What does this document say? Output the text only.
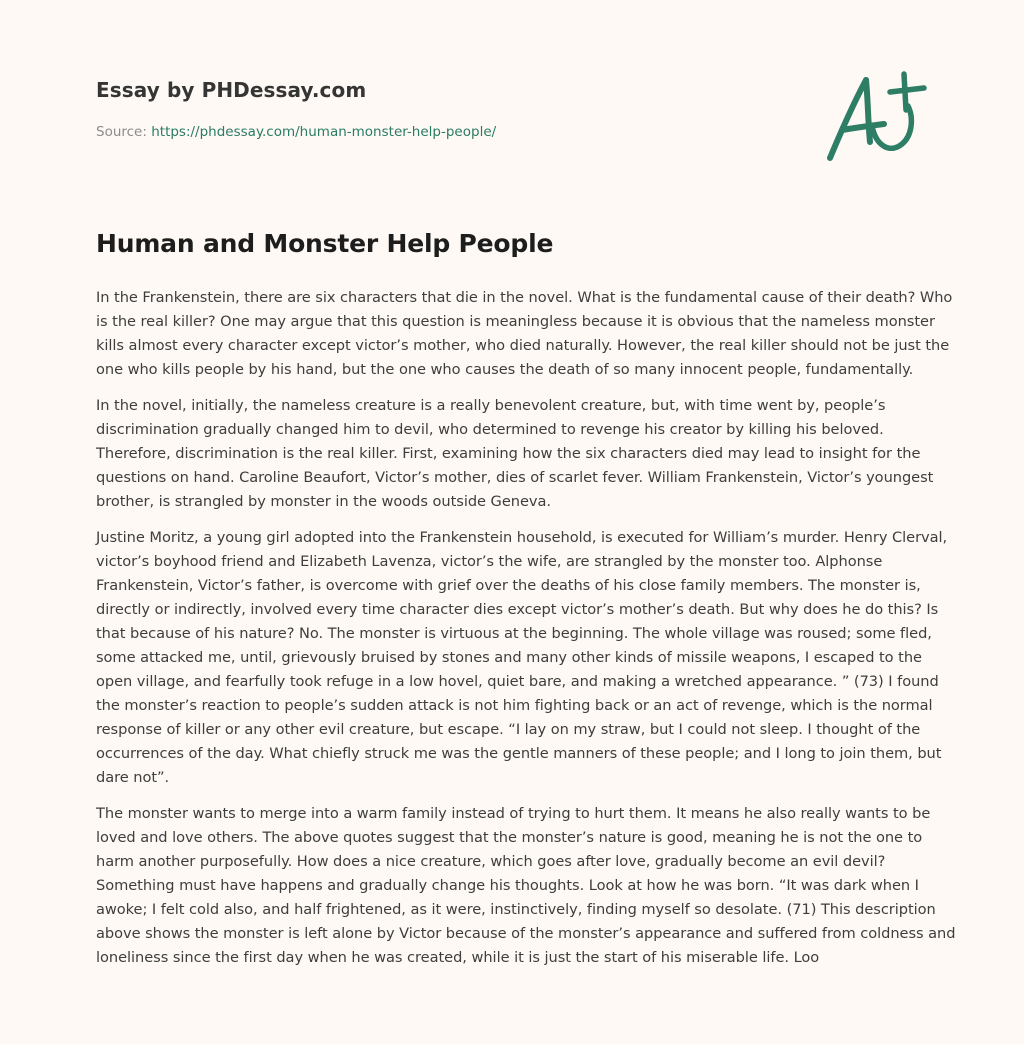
Essay by PHDessay.com
Source: https://phdessay.com/human-monster-help-people/
Human and Monster Help People

In the Frankenstein, there are six characters that die in the novel. What is the fundamental cause of their death? Who is the real killer? One may argue that this question is meaningless because it is obvious that the nameless monster kills almost every character except victor’s mother, who died naturally. However, the real killer should not be just the one who kills people by his hand, but the one who causes the death of so many innocent people, fundamentally.

In the novel, initially, the nameless creature is a really benevolent creature, but, with time went by, people’s discrimination gradually changed him to devil, who determined to revenge his creator by killing his beloved. Therefore, discrimination is the real killer. First, examining how the six characters died may lead to insight for the questions on hand. Caroline Beaufort, Victor’s mother, dies of scarlet fever. William Frankenstein, Victor’s youngest brother, is strangled by monster in the woods outside Geneva.

Justine Moritz, a young girl adopted into the Frankenstein household, is executed for William’s murder. Henry Clerval, victor’s boyhood friend and Elizabeth Lavenza, victor’s the wife, are strangled by the monster too. Alphonse Frankenstein, Victor’s father, is overcome with grief over the deaths of his close family members. The monster is, directly or indirectly, involved every time character dies except victor’s mother’s death. But why does he do this? Is that because of his nature? No. The monster is virtuous at the beginning. The whole village was roused; some fled, some attacked me, until, grievously bruised by stones and many other kinds of missile weapons, I escaped to the open village, and fearfully took refuge in a low hovel, quiet bare, and making a wretched appearance. ” (73) I found the monster’s reaction to people’s sudden attack is not him fighting back or an act of revenge, which is the normal response of killer or any other evil creature, but escape. “I lay on my straw, but I could not sleep. I thought of the occurrences of the day. What chiefly struck me was the gentle manners of these people; and I long to join them, but dare not”.

The monster wants to merge into a warm family instead of trying to hurt them. It means he also really wants to be loved and love others. The above quotes suggest that the monster’s nature is good, meaning he is not the one to harm another purposefully. How does a nice creature, which goes after love, gradually become an evil devil? Something must have happens and gradually change his thoughts. Look at how he was born. “It was dark when I awoke; I felt cold also, and half frightened, as it were, instinctively, finding myself so desolate. (71) This description above shows the monster is left alone by Victor because of the monster’s appearance and suffered from coldness and loneliness since the first day when he was created, while it is just the start of his miserable life. Loo
